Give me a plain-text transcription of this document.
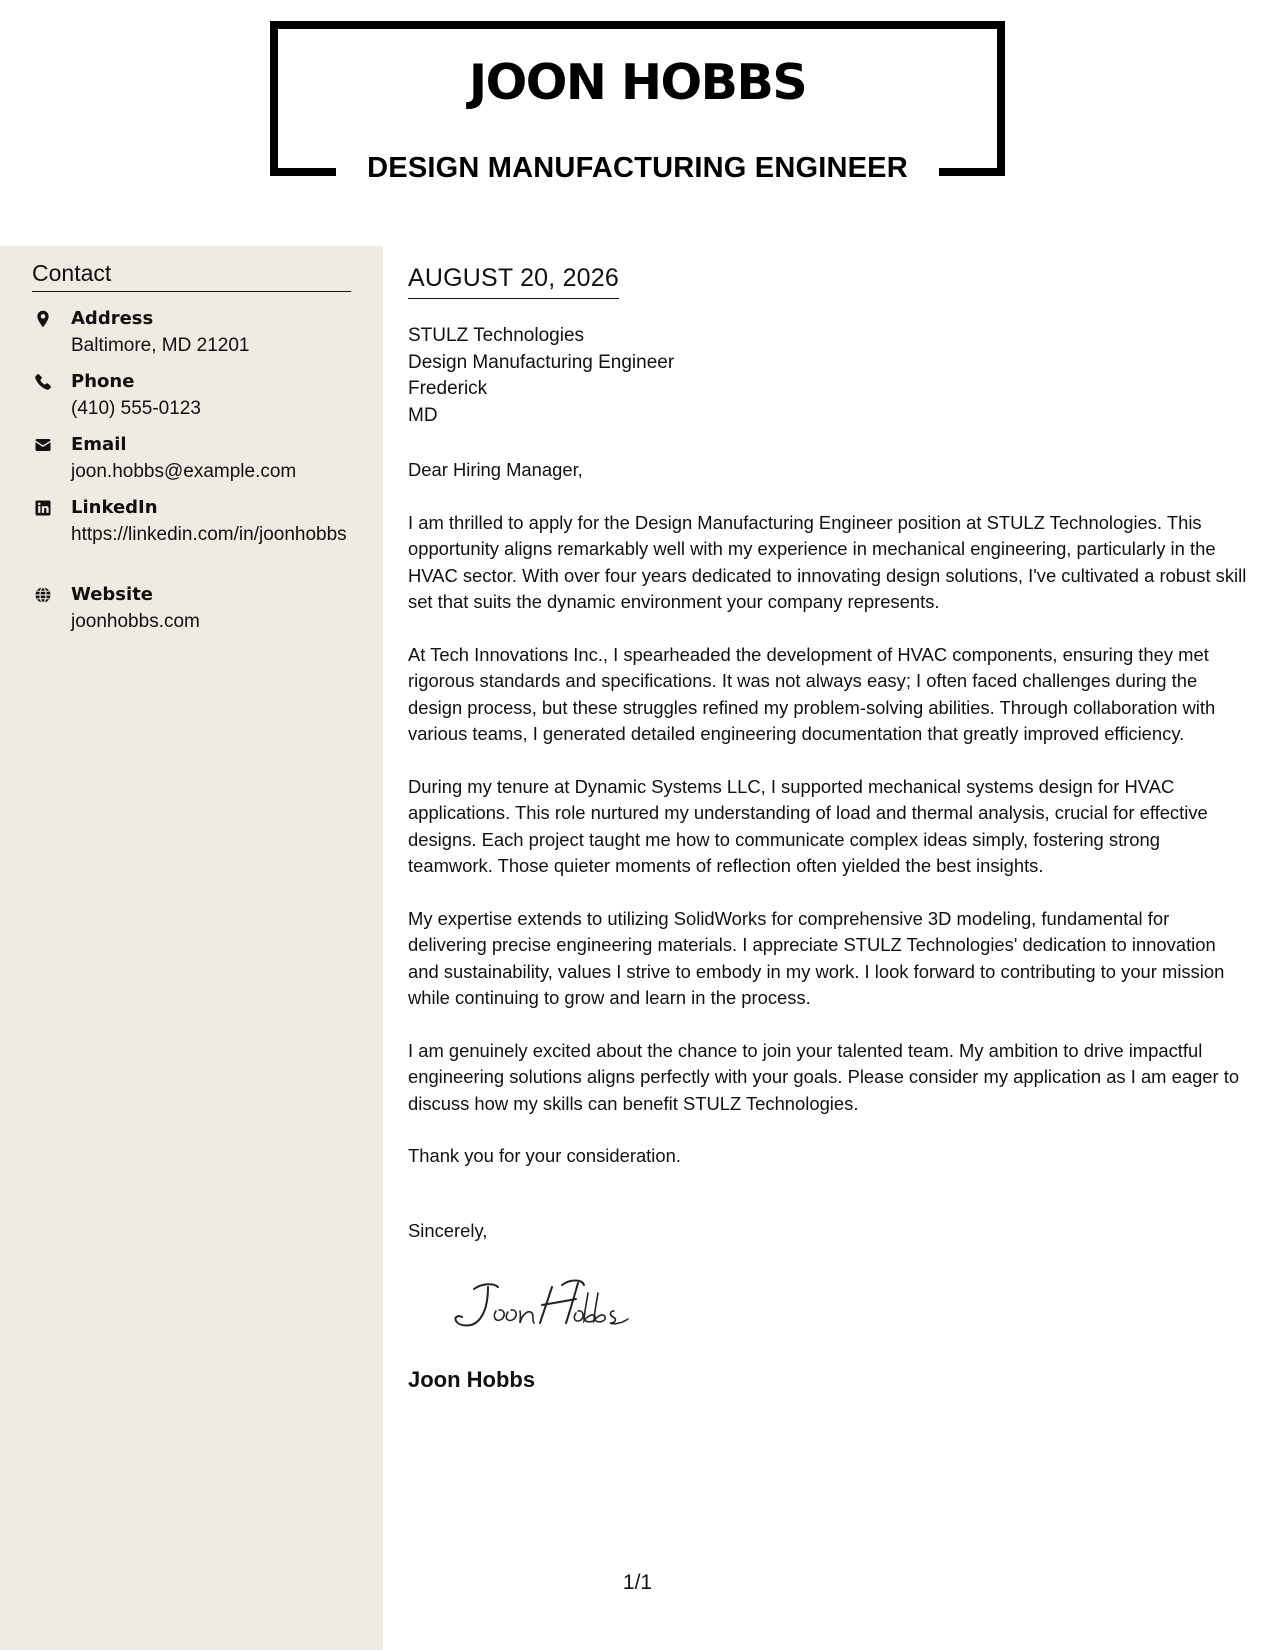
JOON HOBBS
DESIGN MANUFACTURING ENGINEER
Contact
Address
Baltimore, MD 21201
Phone
(410) 555-0123
Email
joon.hobbs@example.com
LinkedIn
https://linkedin.com/in/joonhobbs
Website
joonhobbs.com
AUGUST 20, 2026
STULZ Technologies
Design Manufacturing Engineer
Frederick
MD

Dear Hiring Manager,

I am thrilled to apply for the Design Manufacturing Engineer position at STULZ Technologies. This opportunity aligns remarkably well with my experience in mechanical engineering, particularly in the HVAC sector. With over four years dedicated to innovating design solutions, I've cultivated a robust skill set that suits the dynamic environment your company represents.

At Tech Innovations Inc., I spearheaded the development of HVAC components, ensuring they met rigorous standards and specifications. It was not always easy; I often faced challenges during the design process, but these struggles refined my problem-solving abilities. Through collaboration with various teams, I generated detailed engineering documentation that greatly improved efficiency.

During my tenure at Dynamic Systems LLC, I supported mechanical systems design for HVAC applications. This role nurtured my understanding of load and thermal analysis, crucial for effective designs. Each project taught me how to communicate complex ideas simply, fostering strong teamwork. Those quieter moments of reflection often yielded the best insights.

My expertise extends to utilizing SolidWorks for comprehensive 3D modeling, fundamental for delivering precise engineering materials. I appreciate STULZ Technologies' dedication to innovation and sustainability, values I strive to embody in my work. I look forward to contributing to your mission while continuing to grow and learn in the process.

I am genuinely excited about the chance to join your talented team. My ambition to drive impactful engineering solutions aligns perfectly with your goals. Please consider my application as I am eager to discuss how my skills can benefit STULZ Technologies.

Thank you for your consideration.

Sincerely,
Joon Hobbs
1/1
